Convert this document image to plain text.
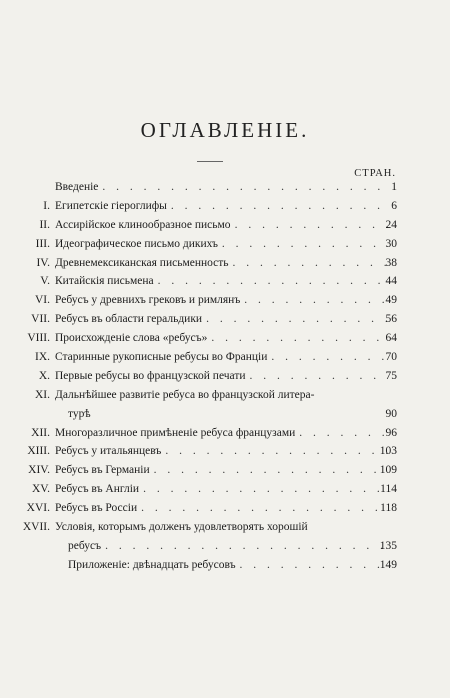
ОГЛАВЛЕНІЕ.
СТРАН.
Введеніе . . .	1
I. Египетскіе гіероглифы . . .	6
II. Ассирійское клинообразное письмо . . .	24
III. Идеографическое письмо дикихъ . . .	30
IV. Древнемексиканская письменность . . .	38
V. Китайскія письмена . . .	44
VI. Ребусъ у древнихъ грековъ и римлянъ . . .	49
VII. Ребусъ въ области геральдики . . .	56
VIII. Происхожденіе слова «ребусъ» . . .	64
IX. Старинные рукописные ребусы во Франціи . . .	70
X. Первые ребусы во французской печати . . .	75
XI. Дальнѣйшее развитіе ребуса во французской литера-
турѣ	90
XII. Многоразличное примѣненіе ребуса французами . . .	96
XIII. Ребусъ у итальянцевъ . . .	103
XIV. Ребусъ въ Германіи . . .	109
XV. Ребусъ въ Англіи . . .	114
XVI. Ребусъ въ Россіи . . .	118
XVII. Условія, которымъ долженъ удовлетворять хорошій
ребусъ . . .	135
Приложеніе: двѣнадцать ребусовъ . . .	149
